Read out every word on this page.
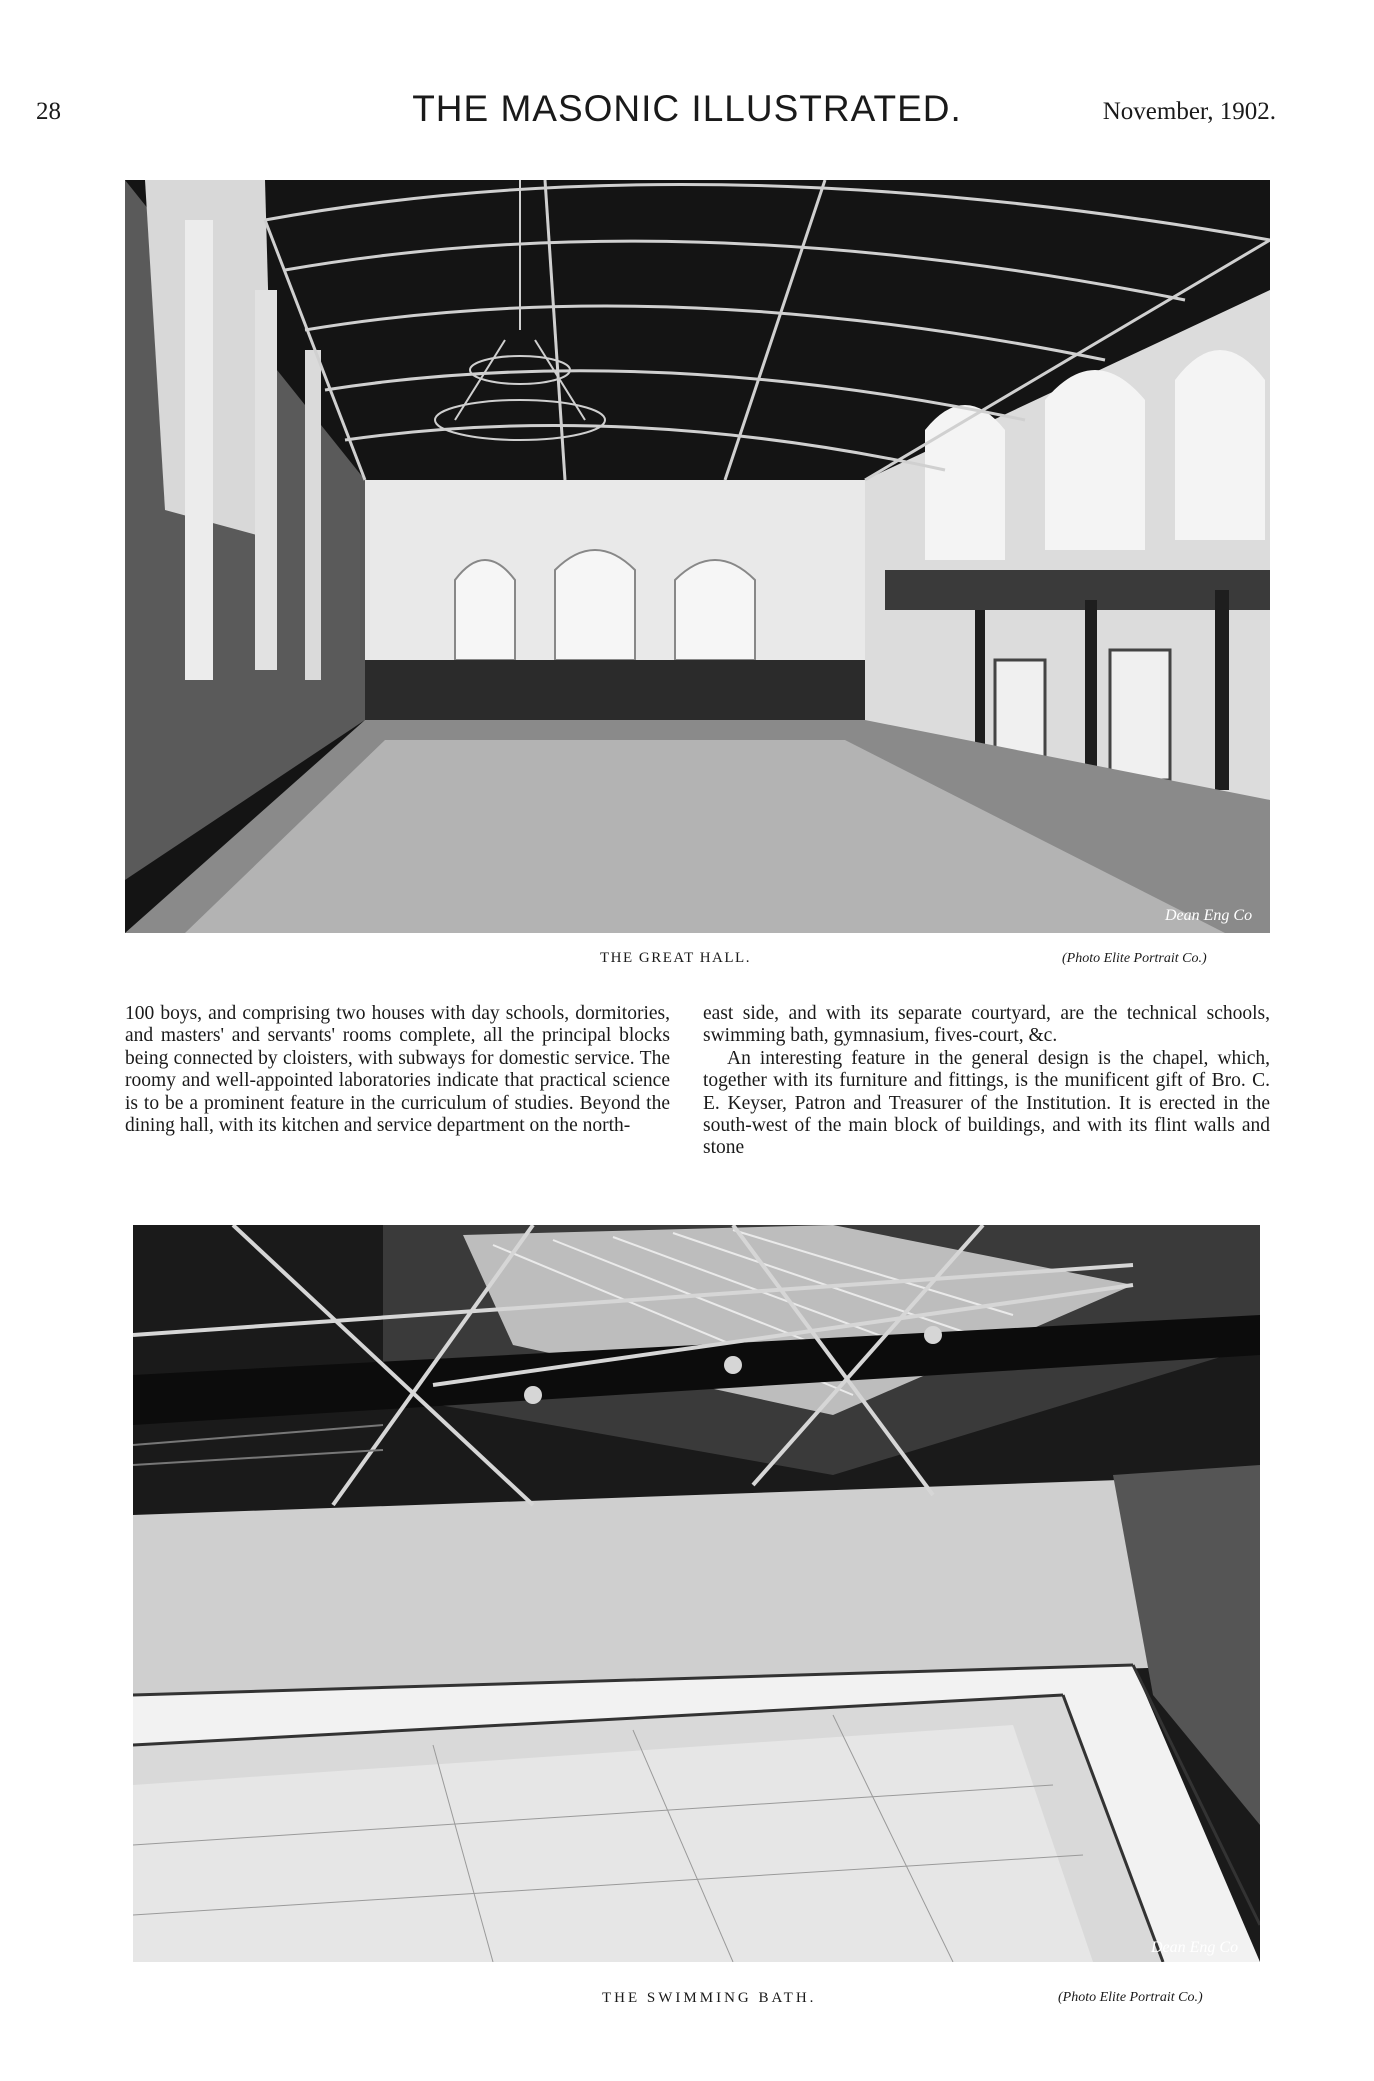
28	THE MASONIC ILLUSTRATED.	November, 1902.
Dean Eng Co
THE GREAT HALL.	(Photo Elite Portrait Co.)

100 boys, and comprising two houses with day schools, dormitories, and masters' and servants' rooms complete, all the principal blocks being connected by cloisters, with subways for domestic service. The roomy and well-appointed laboratories indicate that practical science is to be a prominent feature in the curriculum of studies. Beyond the dining hall, with its kitchen and service department on the north-

east side, and with its separate courtyard, are the technical schools, swimming bath, gymnasium, fives-court, &c.

An interesting feature in the general design is the chapel, which, together with its furniture and fittings, is the munificent gift of Bro. C. E. Keyser, Patron and Treasurer of the Institution. It is erected in the south-west of the main block of buildings, and with its flint walls and stone

Dean Eng Co
THE SWIMMING BATH.	(Photo Elite Portrait Co.)
